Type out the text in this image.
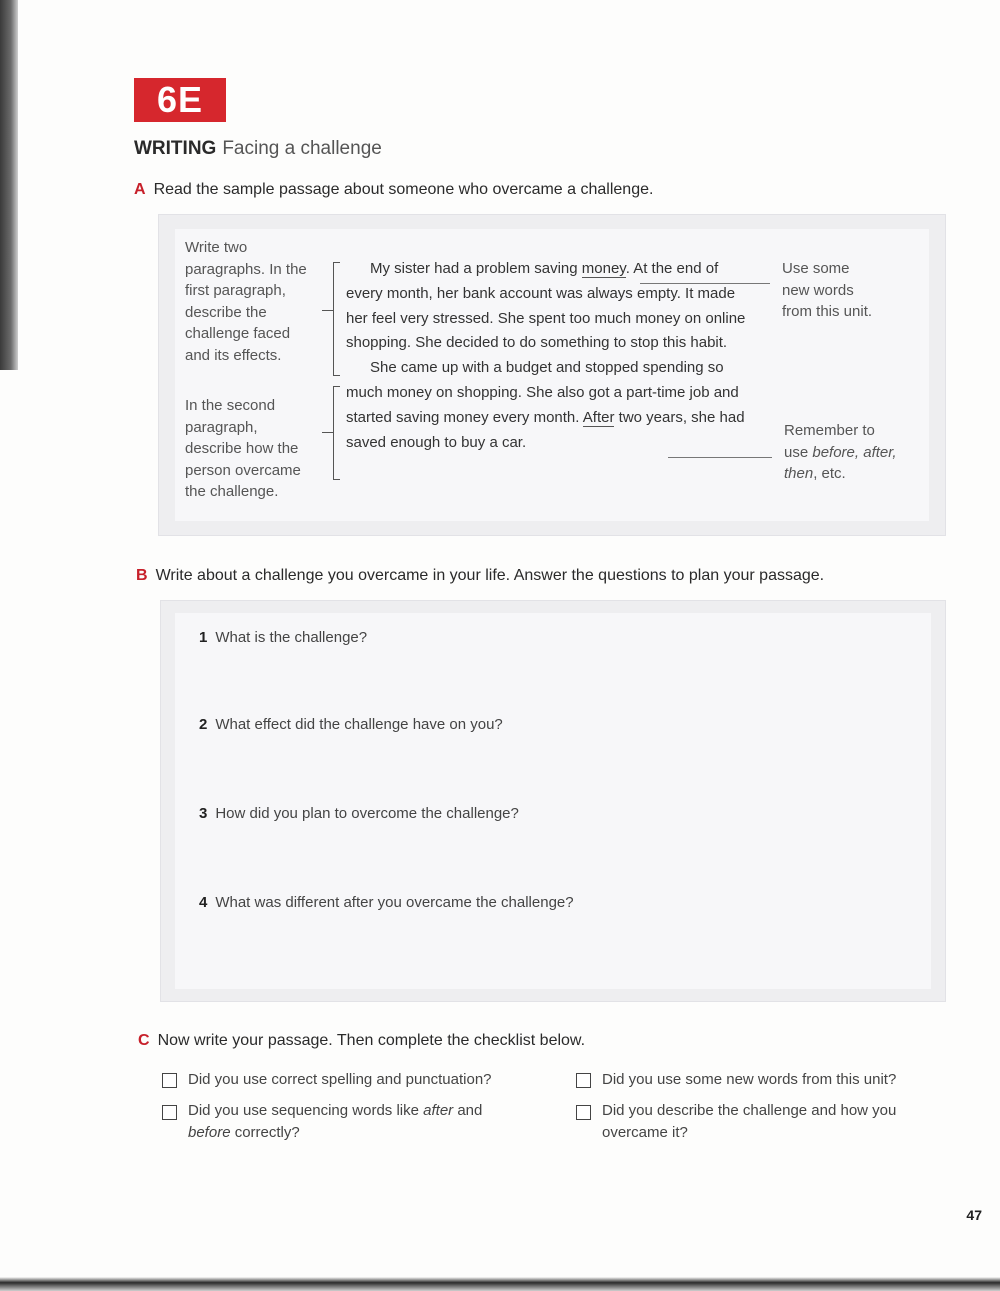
6E
WRITING Facing a challenge
A Read the sample passage about someone who overcame a challenge.
Write two
paragraphs. In the
first paragraph,
describe the
challenge faced
and its effects.
In the second
paragraph,
describe how the
person overcame
the challenge.

My sister had a problem saving money. At the end of every month, her bank account was always empty. It made her feel very stressed. She spent too much money on online shopping. She decided to do something to stop this habit.

She came up with a budget and stopped spending so much money on shopping. She also got a part-time job and started saving money every month. After two years, she had saved enough to buy a car.

Use some
new words
from this unit.
Remember to
use before, after,
then, etc.
B Write about a challenge you overcame in your life. Answer the questions to plan your passage.
1 What is the challenge?
2 What effect did the challenge have on you?
3 How did you plan to overcome the challenge?
4 What was different after you overcame the challenge?
C Now write your passage. Then complete the checklist below.
Did you use correct spelling and punctuation?
Did you use sequencing words like after and
before correctly?
Did you use some new words from this unit?
Did you describe the challenge and how you
overcame it?
47
